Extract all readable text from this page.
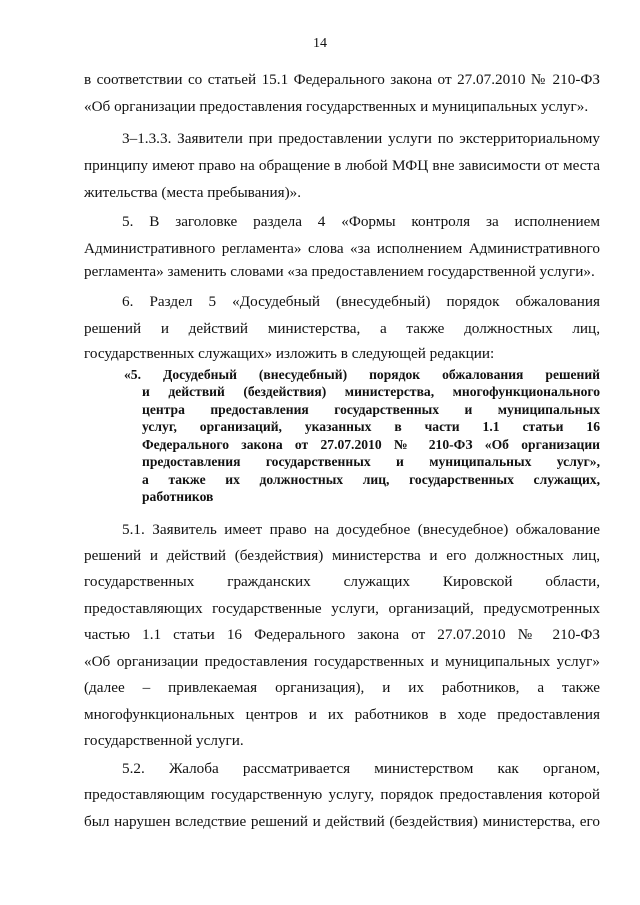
14
в соответствии со статьей 15.1 Федерального закона от 27.07.2010 № 210-ФЗ
«Об организации предоставления государственных и муниципальных услуг».
3–1.3.3. Заявители при предоставлении услуги по экстерриториальному
принципу имеют право на обращение в любой МФЦ вне зависимости от места
жительства (места пребывания)».
5. В заголовке раздела 4 «Формы контроля за исполнением
Административного регламента» слова «за исполнением Административного
регламента» заменить словами «за предоставлением государственной услуги».
6. Раздел 5 «Досудебный (внесудебный) порядок обжалования
решений и действий министерства, а также должностных лиц,
государственных служащих» изложить в следующей редакции:
«5. Досудебный (внесудебный) порядок обжалования решений
и действий (бездействия) министерства, многофункционального
центра предоставления государственных и муниципальных
услуг, организаций, указанных в части 1.1 статьи 16
Федерального закона от 27.07.2010 № 210-ФЗ «Об организации
предоставления государственных и муниципальных услуг»,
а также их должностных лиц, государственных служащих,
работников
5.1. Заявитель имеет право на досудебное (внесудебное) обжалование
решений и действий (бездействия) министерства и его должностных лиц,
государственных гражданских служащих Кировской области,
предоставляющих государственные услуги, организаций, предусмотренных
частью 1.1 статьи 16 Федерального закона от 27.07.2010 № 210-ФЗ
«Об организации предоставления государственных и муниципальных услуг»
(далее – привлекаемая организация), и их работников, а также
многофункциональных центров и их работников в ходе предоставления
государственной услуги.
5.2. Жалоба рассматривается министерством как органом,
предоставляющим государственную услугу, порядок предоставления которой
был нарушен вследствие решений и действий (бездействия) министерства, его
